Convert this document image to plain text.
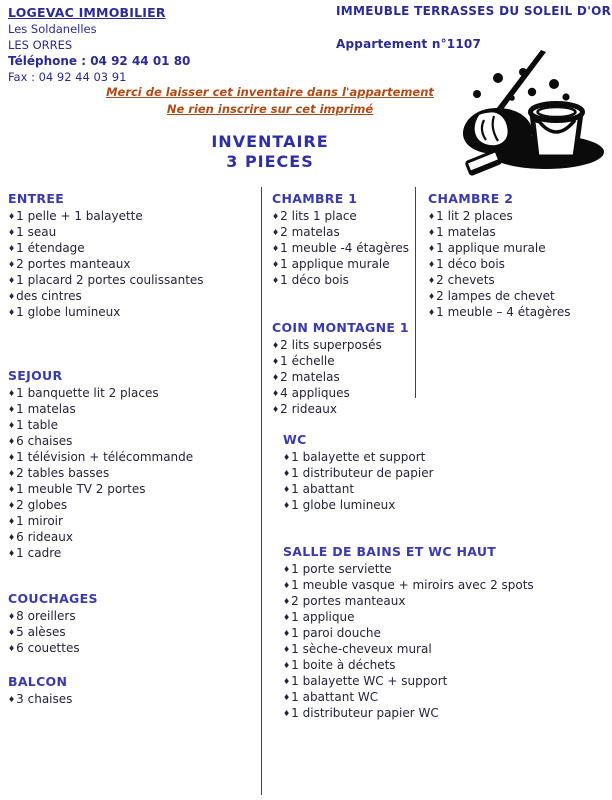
LOGEVAC IMMOBILIER
Les Soldanelles
LES ORRES
Téléphone : 04 92 44 01 80
Fax : 04 92 44 03 91
IMMEUBLE TERRASSES DU SOLEIL D'OR
Appartement n°1107
Merci de laisser cet inventaire dans l'appartement
Ne rien inscrire sur cet imprimé
INVENTAIRE
3 PIECES
ENTREE
♦1 pelle + 1 balayette
♦1 seau
♦1 étendage
♦2 portes manteaux
♦1 placard 2 portes coulissantes
♦des cintres
♦1 globe lumineux
SEJOUR
♦1 banquette lit 2 places
♦1 matelas
♦1 table
♦6 chaises
♦1 télévision + télécommande
♦2 tables basses
♦1 meuble TV 2 portes
♦2 globes
♦1 miroir
♦6 rideaux
♦1 cadre
COUCHAGES
♦8 oreillers
♦5 alèses
♦6 couettes
BALCON
♦3 chaises
CHAMBRE 1
♦2 lits 1 place
♦2 matelas
♦1 meuble -4 étagères
♦1 applique murale
♦1 déco bois
COIN MONTAGNE 1
♦2 lits superposés
♦1 échelle
♦2 matelas
♦4 appliques
♦2 rideaux
WC
♦1 balayette et support
♦1 distributeur de papier
♦1 abattant
♦1 globe lumineux
SALLE DE BAINS ET WC HAUT
♦1 porte serviette
♦1 meuble vasque + miroirs avec 2 spots
♦2 portes manteaux
♦1 applique
♦1 paroi douche
♦1 sèche-cheveux mural
♦1 boite à déchets
♦1 balayette WC + support
♦1 abattant WC
♦1 distributeur papier WC
CHAMBRE 2
♦1 lit 2 places
♦1 matelas
♦1 applique murale
♦1 déco bois
♦2 chevets
♦2 lampes de chevet
♦1 meuble – 4 étagères
